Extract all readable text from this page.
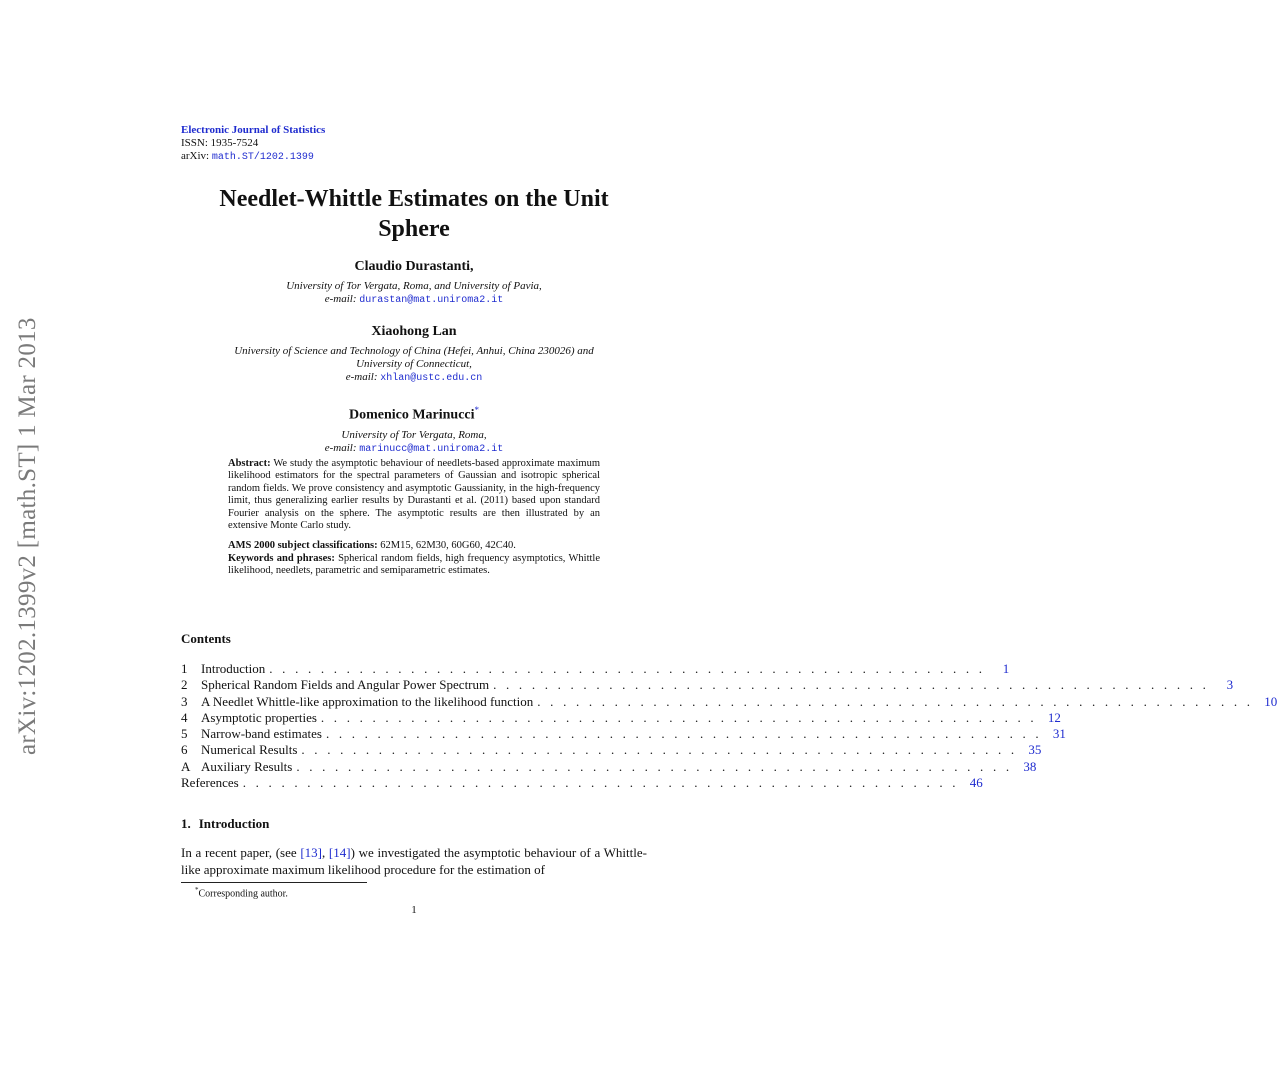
arXiv:1202.1399v2 [math.ST] 1 Mar 2013
Electronic Journal of Statistics
ISSN: 1935-7524
arXiv: math.ST/1202.1399
Needlet-Whittle Estimates on the Unit
Sphere
Claudio Durastanti,
University of Tor Vergata, Roma, and University of Pavia,
e-mail: durastan@mat.uniroma2.it
Xiaohong Lan
University of Science and Technology of China (Hefei, Anhui, China 230026) and
University of Connecticut,
e-mail: xhlan@ustc.edu.cn
Domenico Marinucci*
University of Tor Vergata, Roma,
e-mail: marinucc@mat.uniroma2.it

Abstract: We study the asymptotic behaviour of needlets-based approximate maximum likelihood estimators for the spectral parameters of Gaussian and isotropic spherical random fields. We prove consistency and asymptotic Gaussianity, in the high-frequency limit, thus generalizing earlier results by Durastanti et al. (2011) based upon standard Fourier analysis on the sphere. The asymptotic results are then illustrated by an extensive Monte Carlo study.

AMS 2000 subject classifications: 62M15, 62M30, 60G60, 42C40.

Keywords and phrases: Spherical random fields, high frequency asymptotics, Whittle likelihood, needlets, parametric and semiparametric estimates.

Contents
1	Introduction . . . . . . . . . . . . . . . . . . . . . . . . . . . . . . . . . . . . . . . . . . . . . . . . . . . . . . . .	1
2	Spherical Random Fields and Angular Power Spectrum . . . . . . . . . . . . . . . . . . . . . . . . . . . . . . . . . . . . . . . . . . . . . . . . . . . . . . . .	3
3	A Needlet Whittle-like approximation to the likelihood function . . . . . . . . . . . . . . . . . . . . . . . . . . . . . . . . . . . . . . . . . . . . . . . . . . . . . . . . 10
4	Asymptotic properties . . . . . . . . . . . . . . . . . . . . . . . . . . . . . . . . . . . . . . . . . . . . . . . . . . . . . . . . 12
5	Narrow-band estimates . . . . . . . . . . . . . . . . . . . . . . . . . . . . . . . . . . . . . . . . . . . . . . . . . . . . . . . . 31
6	Numerical Results . . . . . . . . . . . . . . . . . . . . . . . . . . . . . . . . . . . . . . . . . . . . . . . . . . . . . . . . 35
A Auxiliary Results . . . . . . . . . . . . . . . . . . . . . . . . . . . . . . . . . . . . . . . . . . . . . . . . . . . . . . . . 38
References . . . . . . . . . . . . . . . . . . . . . . . . . . . . . . . . . . . . . . . . . . . . . . . . . . . . . . . . 46
1. Introduction

In a recent paper, (see [13], [14]) we investigated the asymptotic behaviour of a Whittle-like approximate maximum likelihood procedure for the estimation of

*Corresponding author.
1
